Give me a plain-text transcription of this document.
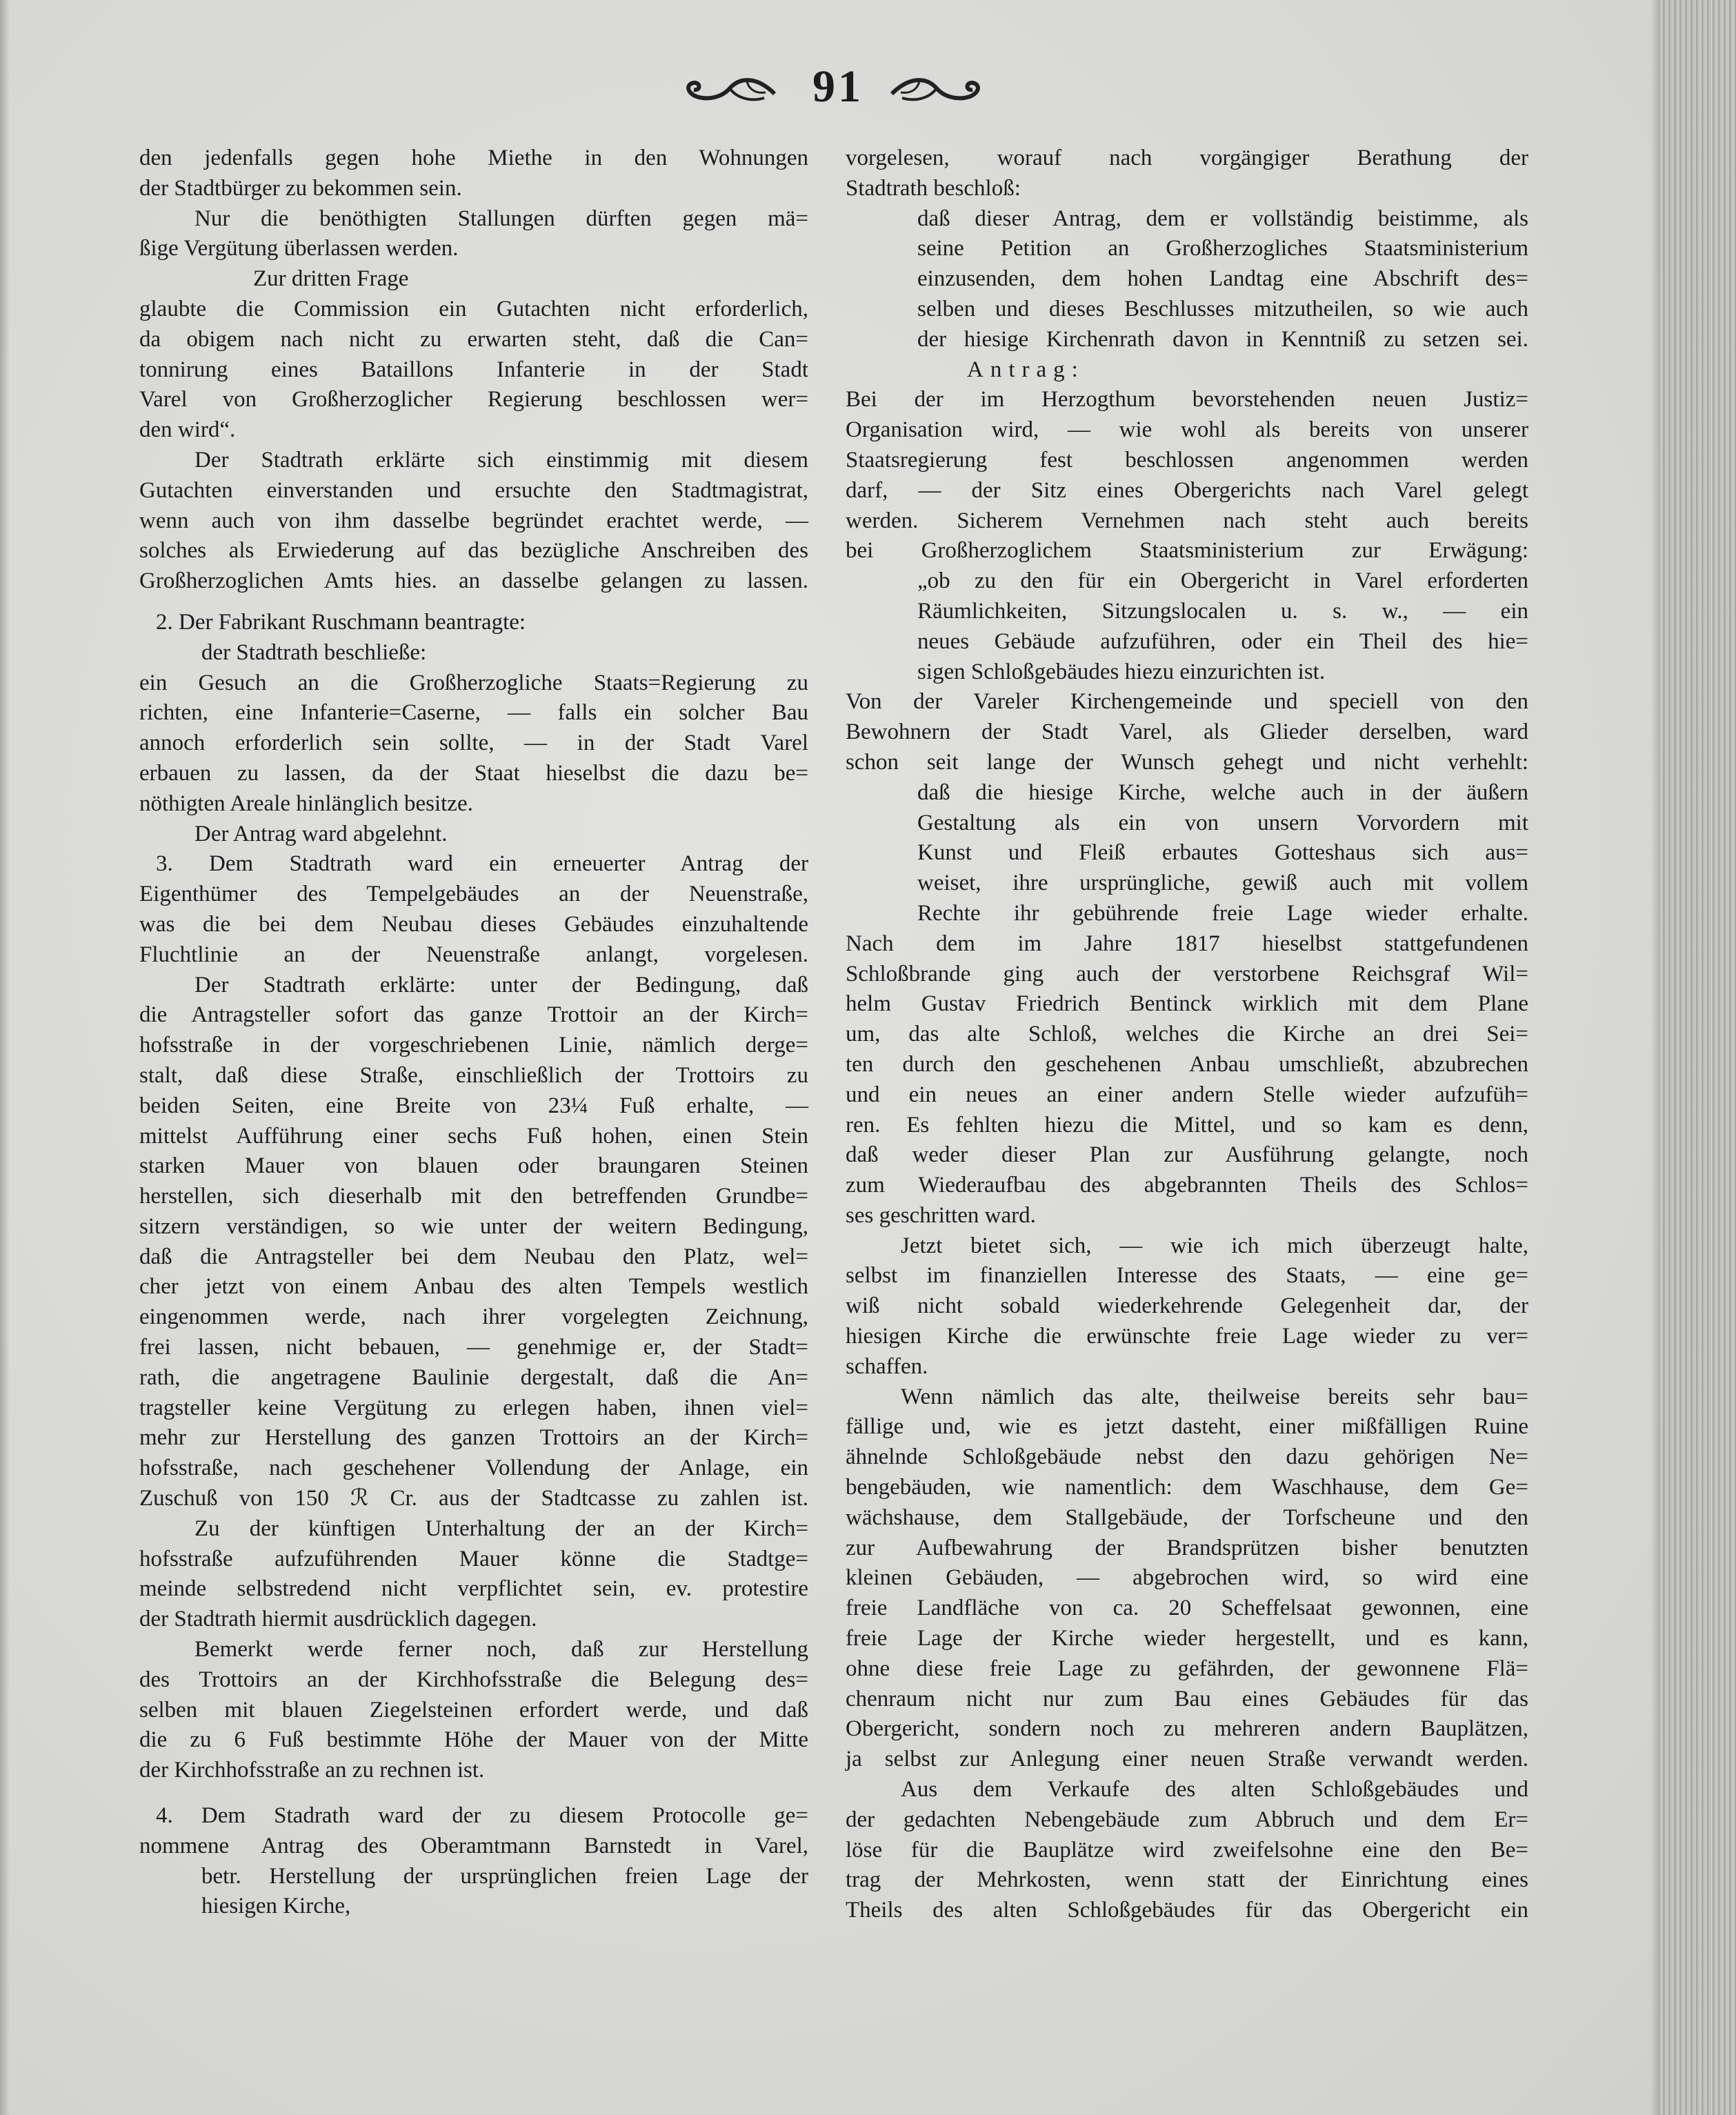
91
den jedenfalls gegen hohe Miethe in den Wohnungen
der Stadtbürger zu bekommen sein.
Nur die benöthigten Stallungen dürften gegen mä=
ßige Vergütung überlassen werden.
Zur dritten Frage
glaubte die Commission ein Gutachten nicht erforderlich,
da obigem nach nicht zu erwarten steht, daß die Can=
tonnirung eines Bataillons Infanterie in der Stadt
Varel von Großherzoglicher Regierung beschlossen wer=
den wird“.
Der Stadtrath erklärte sich einstimmig mit diesem
Gutachten einverstanden und ersuchte den Stadtmagistrat,
wenn auch von ihm dasselbe begründet erachtet werde, —
solches als Erwiederung auf das bezügliche Anschreiben des
Großherzoglichen Amts hies. an dasselbe gelangen zu lassen.
2. Der Fabrikant Ruschmann beantragte:
der Stadtrath beschließe:
ein Gesuch an die Großherzogliche Staats=Regierung zu
richten, eine Infanterie=Caserne, — falls ein solcher Bau
annoch erforderlich sein sollte, — in der Stadt Varel
erbauen zu lassen, da der Staat hieselbst die dazu be=
nöthigten Areale hinlänglich besitze.
Der Antrag ward abgelehnt.
3. Dem Stadtrath ward ein erneuerter Antrag der
Eigenthümer des Tempelgebäudes an der Neuenstraße,
was die bei dem Neubau dieses Gebäudes einzuhaltende
Fluchtlinie an der Neuenstraße anlangt, vorgelesen.
Der Stadtrath erklärte: unter der Bedingung, daß
die Antragsteller sofort das ganze Trottoir an der Kirch=
hofsstraße in der vorgeschriebenen Linie, nämlich derge=
stalt, daß diese Straße, einschließlich der Trottoirs zu
beiden Seiten, eine Breite von 23¼ Fuß erhalte, —
mittelst Aufführung einer sechs Fuß hohen, einen Stein
starken Mauer von blauen oder braungaren Steinen
herstellen, sich dieserhalb mit den betreffenden Grundbe=
sitzern verständigen, so wie unter der weitern Bedingung,
daß die Antragsteller bei dem Neubau den Platz, wel=
cher jetzt von einem Anbau des alten Tempels westlich
eingenommen werde, nach ihrer vorgelegten Zeichnung,
frei lassen, nicht bebauen, — genehmige er, der Stadt=
rath, die angetragene Baulinie dergestalt, daß die An=
tragsteller keine Vergütung zu erlegen haben, ihnen viel=
mehr zur Herstellung des ganzen Trottoirs an der Kirch=
hofsstraße, nach geschehener Vollendung der Anlage, ein
Zuschuß von 150 ℛ Cr. aus der Stadtcasse zu zahlen ist.
Zu der künftigen Unterhaltung der an der Kirch=
hofsstraße aufzuführenden Mauer könne die Stadtge=
meinde selbstredend nicht verpflichtet sein, ev. protestire
der Stadtrath hiermit ausdrücklich dagegen.
Bemerkt werde ferner noch, daß zur Herstellung
des Trottoirs an der Kirchhofsstraße die Belegung des=
selben mit blauen Ziegelsteinen erfordert werde, und daß
die zu 6 Fuß bestimmte Höhe der Mauer von der Mitte
der Kirchhofsstraße an zu rechnen ist.
4. Dem Stadrath ward der zu diesem Protocolle ge=
nommene Antrag des Oberamtmann Barnstedt in Varel,
betr. Herstellung der ursprünglichen freien Lage der
hiesigen Kirche,
vorgelesen, worauf nach vorgängiger Berathung der
Stadtrath beschloß:
daß dieser Antrag, dem er vollständig beistimme, als
seine Petition an Großherzogliches Staatsministerium
einzusenden, dem hohen Landtag eine Abschrift des=
selben und dieses Beschlusses mitzutheilen, so wie auch
der hiesige Kirchenrath davon in Kenntniß zu setzen sei.
Antrag:
Bei der im Herzogthum bevorstehenden neuen Justiz=
Organisation wird, — wie wohl als bereits von unserer
Staatsregierung fest beschlossen angenommen werden
darf, — der Sitz eines Obergerichts nach Varel gelegt
werden. Sicherem Vernehmen nach steht auch bereits
bei Großherzoglichem Staatsministerium zur Erwägung:
„ob zu den für ein Obergericht in Varel erforderten
Räumlichkeiten, Sitzungslocalen u. s. w., — ein
neues Gebäude aufzuführen, oder ein Theil des hie=
sigen Schloßgebäudes hiezu einzurichten ist.
Von der Vareler Kirchengemeinde und speciell von den
Bewohnern der Stadt Varel, als Glieder derselben, ward
schon seit lange der Wunsch gehegt und nicht verhehlt:
daß die hiesige Kirche, welche auch in der äußern
Gestaltung als ein von unsern Vorvordern mit
Kunst und Fleiß erbautes Gotteshaus sich aus=
weiset, ihre ursprüngliche, gewiß auch mit vollem
Rechte ihr gebührende freie Lage wieder erhalte.
Nach dem im Jahre 1817 hieselbst stattgefundenen
Schloßbrande ging auch der verstorbene Reichsgraf Wil=
helm Gustav Friedrich Bentinck wirklich mit dem Plane
um, das alte Schloß, welches die Kirche an drei Sei=
ten durch den geschehenen Anbau umschließt, abzubrechen
und ein neues an einer andern Stelle wieder aufzufüh=
ren. Es fehlten hiezu die Mittel, und so kam es denn,
daß weder dieser Plan zur Ausführung gelangte, noch
zum Wiederaufbau des abgebrannten Theils des Schlos=
ses geschritten ward.
Jetzt bietet sich, — wie ich mich überzeugt halte,
selbst im finanziellen Interesse des Staats, — eine ge=
wiß nicht sobald wiederkehrende Gelegenheit dar, der
hiesigen Kirche die erwünschte freie Lage wieder zu ver=
schaffen.
Wenn nämlich das alte, theilweise bereits sehr bau=
fällige und, wie es jetzt dasteht, einer mißfälligen Ruine
ähnelnde Schloßgebäude nebst den dazu gehörigen Ne=
bengebäuden, wie namentlich: dem Waschhause, dem Ge=
wächshause, dem Stallgebäude, der Torfscheune und den
zur Aufbewahrung der Brandsprützen bisher benutzten
kleinen Gebäuden, — abgebrochen wird, so wird eine
freie Landfläche von ca. 20 Scheffelsaat gewonnen, eine
freie Lage der Kirche wieder hergestellt, und es kann,
ohne diese freie Lage zu gefährden, der gewonnene Flä=
chenraum nicht nur zum Bau eines Gebäudes für das
Obergericht, sondern noch zu mehreren andern Bauplätzen,
ja selbst zur Anlegung einer neuen Straße verwandt werden.
Aus dem Verkaufe des alten Schloßgebäudes und
der gedachten Nebengebäude zum Abbruch und dem Er=
löse für die Bauplätze wird zweifelsohne eine den Be=
trag der Mehrkosten, wenn statt der Einrichtung eines
Theils des alten Schloßgebäudes für das Obergericht ein
